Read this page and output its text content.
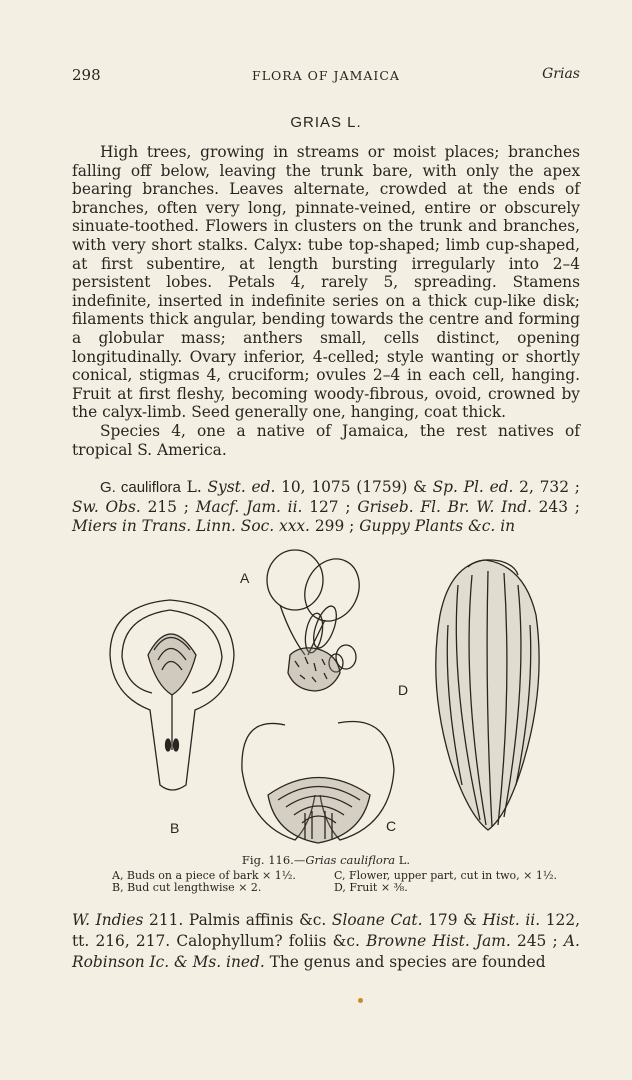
298	FLORA OF JAMAICA	Grias
GRIAS L.

High trees, growing in streams or moist places; branches falling off below, leaving the trunk bare, with only the apex bearing branches. Leaves alternate, crowded at the ends of branches, often very long, pinnate-veined, entire or obscurely sinuate-toothed. Flowers in clusters on the trunk and branches, with very short stalks. Calyx: tube top-shaped; limb cup-shaped, at first subentire, at length bursting irregularly into 2–4 persistent lobes. Petals 4, rarely 5, spreading. Stamens indefinite, inserted in indefinite series on a thick cup-like disk; filaments thick angular, bending towards the centre and forming a globular mass; anthers small, cells distinct, opening longitudinally. Ovary inferior, 4-celled; style wanting or shortly conical, stigmas 4, cruciform; ovules 2–4 in each cell, hanging. Fruit at first fleshy, becoming woody-fibrous, ovoid, crowned by the calyx-limb. Seed generally one, hanging, coat thick.

Species 4, one a native of Jamaica, the rest natives of tropical S. America.

G. cauliflora L. Syst. ed. 10, 1075 (1759) & Sp. Pl. ed. 2, 732 ; Sw. Obs. 215 ; Macf. Jam. ii. 127 ; Griseb. Fl. Br. W. Ind. 243 ; Miers in Trans. Linn. Soc. xxx. 299 ; Guppy Plants &c. in

A
D
B	C
Fig. 116.—Grias cauliflora L.
A, Buds on a piece of bark × 1½.
B, Bud cut lengthwise × 2.
C, Flower, upper part, cut in two, × 1½.
D, Fruit × ⅜.

W. Indies 211. Palmis affinis &c. Sloane Cat. 179 & Hist. ii. 122, tt. 216, 217. Calophyllum? foliis &c. Browne Hist. Jam. 245 ; A. Robinson Ic. & Ms. ined. The genus and species are founded
